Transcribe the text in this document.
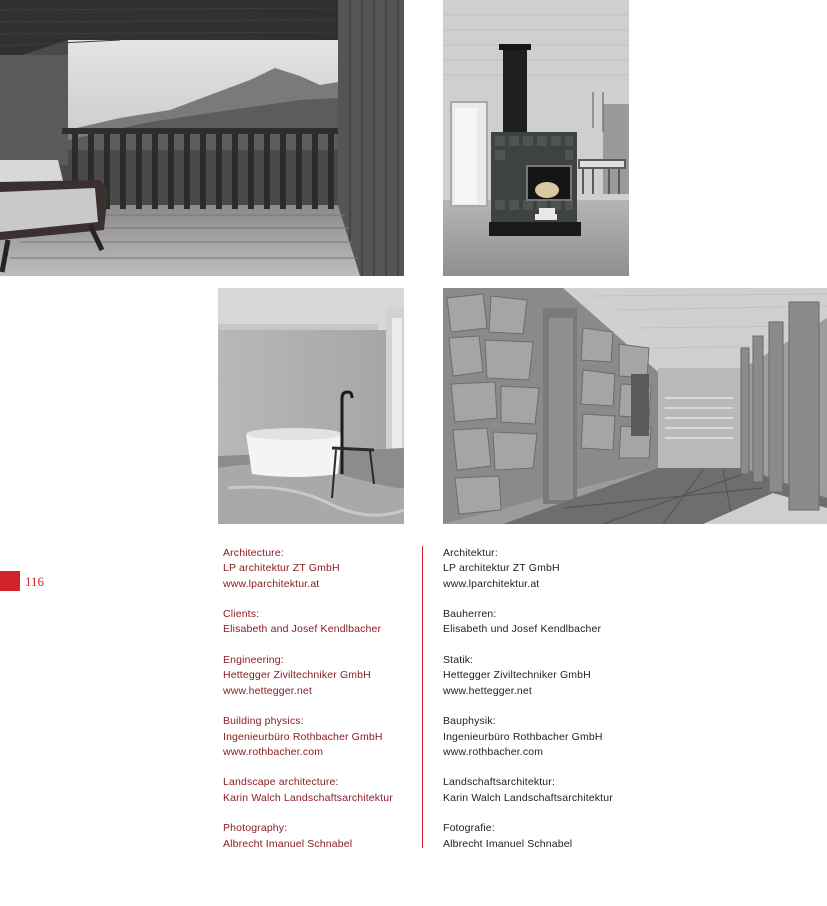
116
Architecture:
LP architektur ZT GmbH
www.lparchitektur.at
Clients:
Elisabeth and Josef Kendlbacher
Engineering:
Hettegger Ziviltechniker GmbH
www.hettegger.net
Building physics:
Ingenieurbüro Rothbacher GmbH
www.rothbacher.com
Landscape architecture:
Karin Walch Landschaftsarchitektur
Photography:
Albrecht Imanuel Schnabel
Architektur:
LP architektur ZT GmbH
www.lparchitektur.at
Bauherren:
Elisabeth und Josef Kendlbacher
Statik:
Hettegger Ziviltechniker GmbH
www.hettegger.net
Bauphysik:
Ingenieurbüro Rothbacher GmbH
www.rothbacher.com
Landschaftsarchitektur:
Karin Walch Landschaftsarchitektur
Fotografie:
Albrecht Imanuel Schnabel
